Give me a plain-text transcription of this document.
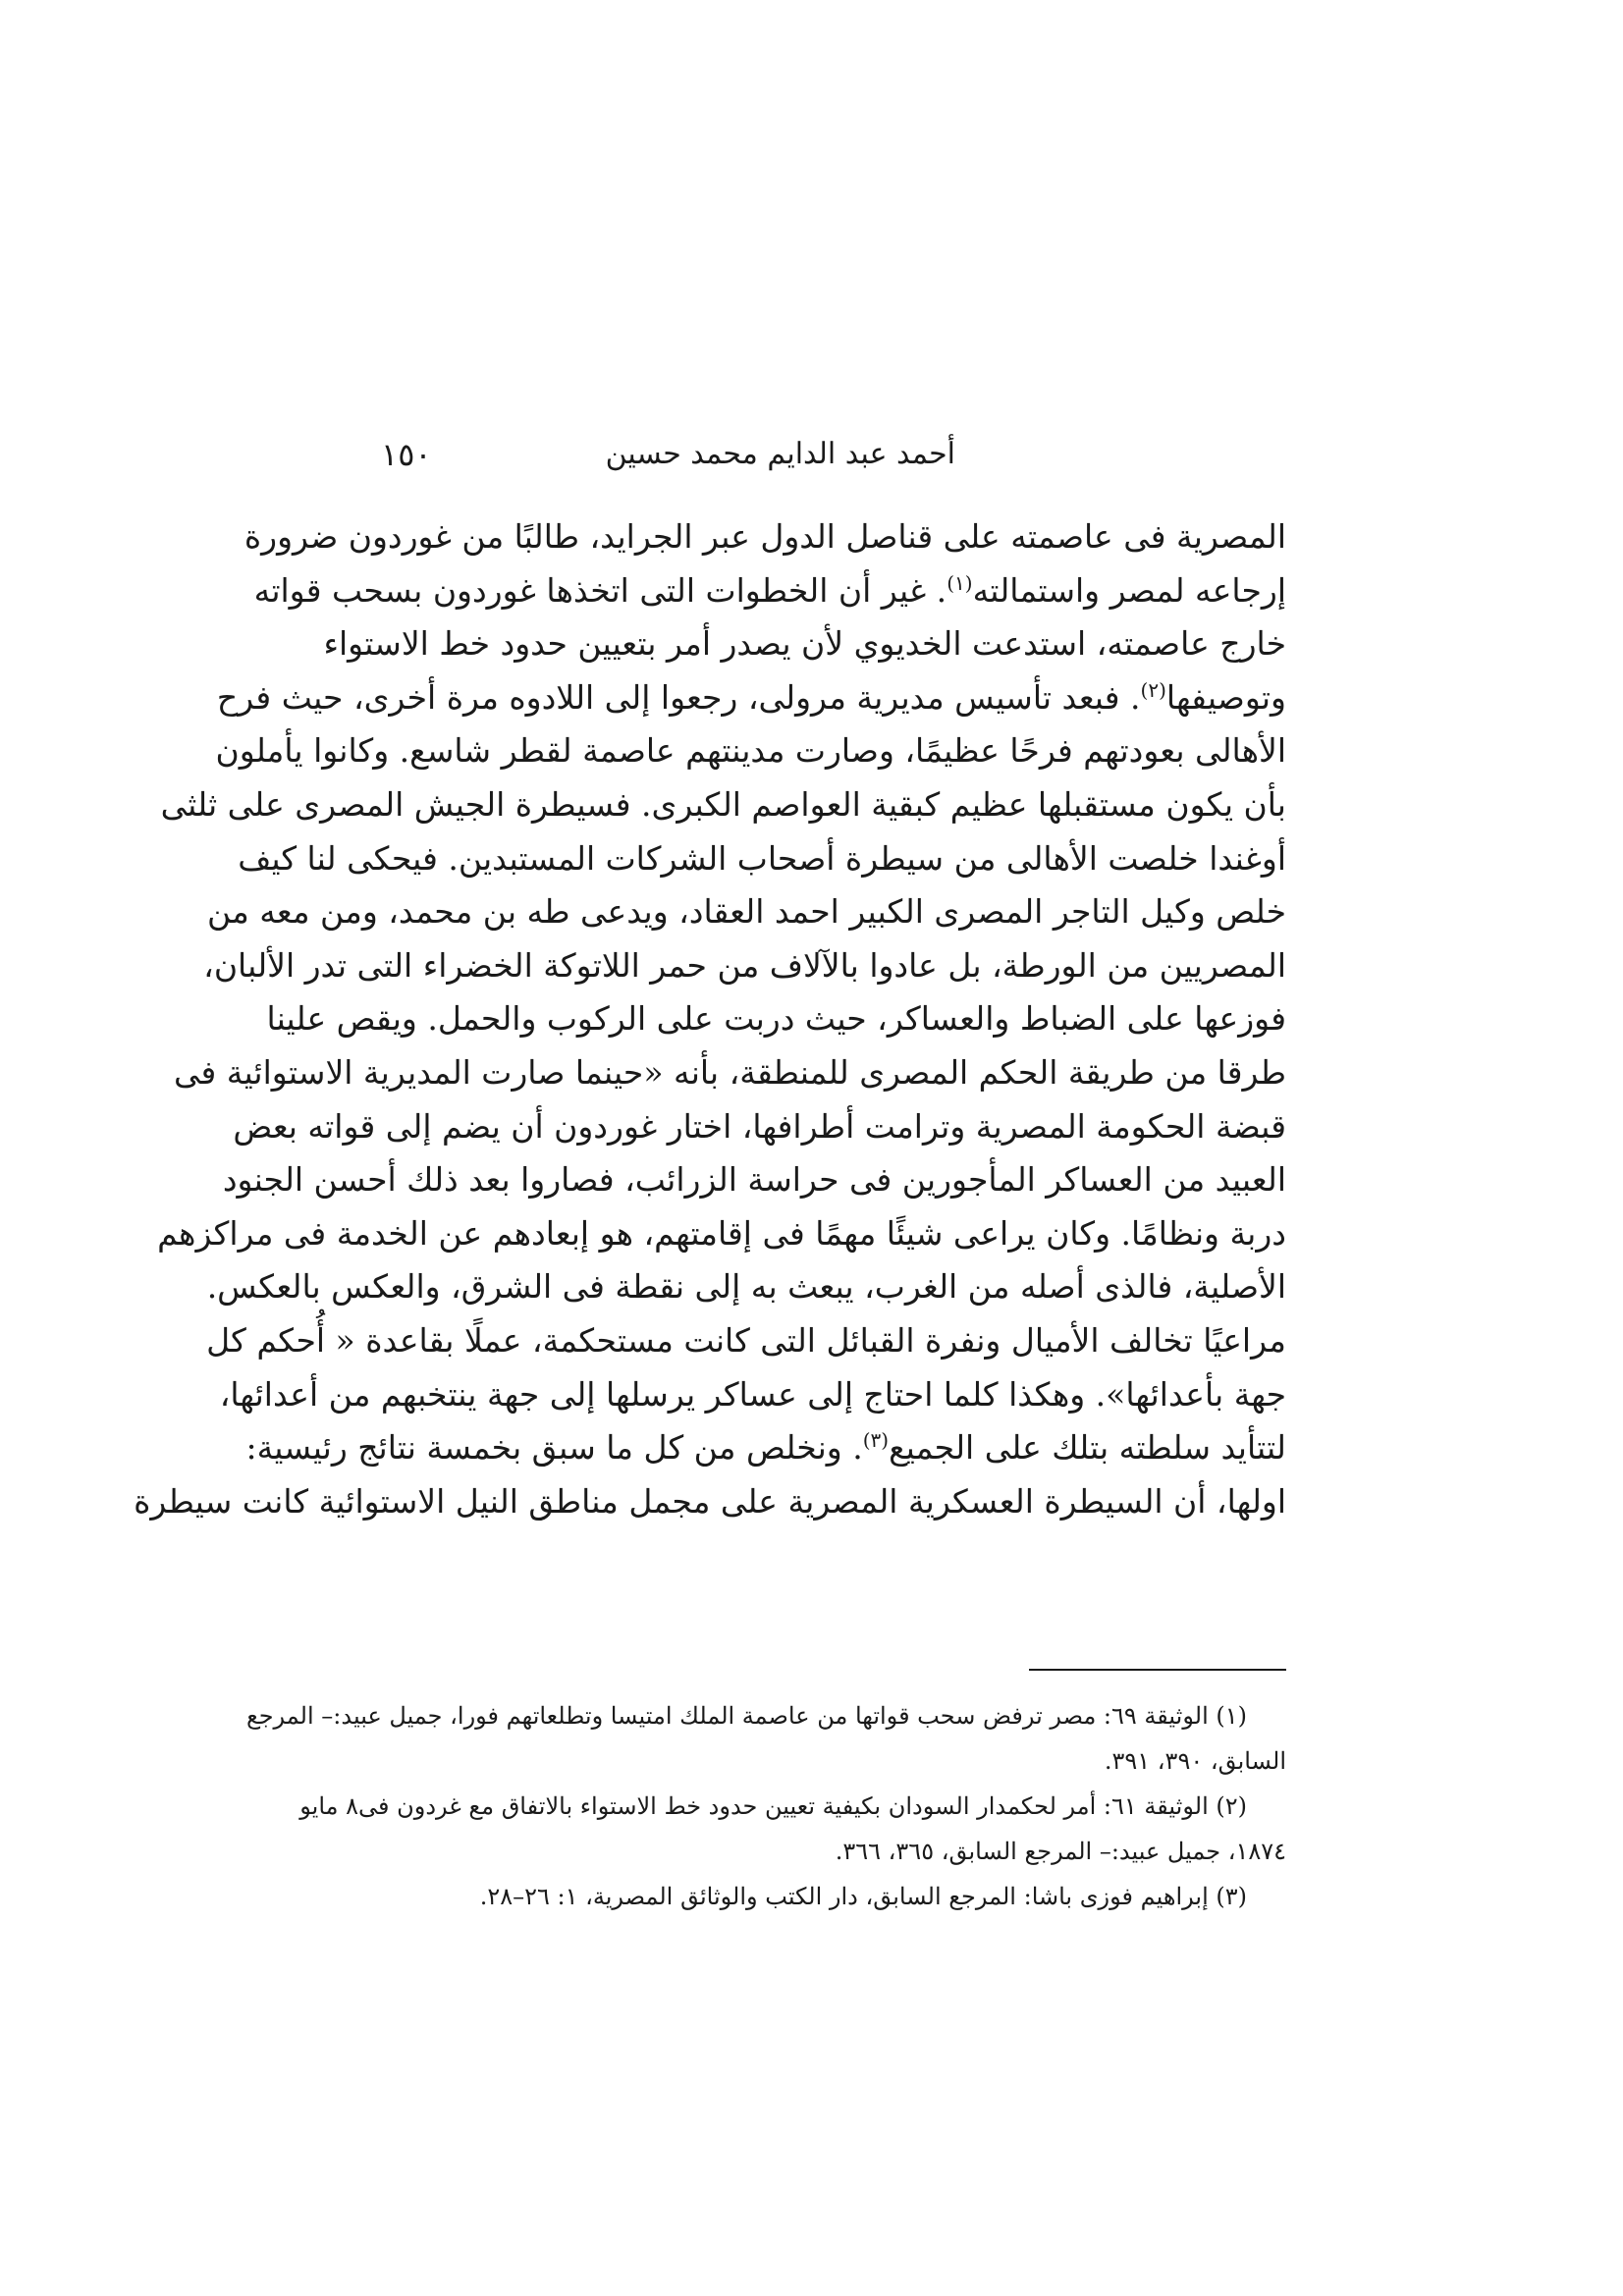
أحمد عبد الدايم محمد حسين
١٥٠
المصرية فى عاصمته على قناصل الدول عبر الجرايد، طالبًا من غوردون ضرورة
إرجاعه لمصر واستمالته$^{(١)}$. غير أن الخطوات التى اتخذها غوردون بسحب قواته
خارج عاصمته، استدعت الخديوي لأن يصدر أمر بتعيين حدود خط الاستواء
وتوصيفها$^{(٢)}$. فبعد تأسيس مديرية مرولى، رجعوا إلى اللادوه مرة أخرى، حيث فرح
الأهالى بعودتهم فرحًا عظيمًا، وصارت مدينتهم عاصمة لقطر شاسع. وكانوا يأملون
بأن يكون مستقبلها عظيم كبقية العواصم الكبرى. فسيطرة الجيش المصرى على ثلثى
أوغندا خلصت الأهالى من سيطرة أصحاب الشركات المستبدين. فيحكى لنا كيف
خلص وكيل التاجر المصرى الكبير احمد العقاد، ويدعى طه بن محمد، ومن معه من
المصريين من الورطة، بل عادوا بالآلاف من حمر اللاتوكة الخضراء التى تدر الألبان،
فوزعها على الضباط والعساكر، حيث دربت على الركوب والحمل. ويقص علينا
طرقا من طريقة الحكم المصرى للمنطقة، بأنه «حينما صارت المديرية الاستوائية فى
قبضة الحكومة المصرية وترامت أطرافها، اختار غوردون أن يضم إلى قواته بعض
العبيد من العساكر المأجورين فى حراسة الزرائب، فصاروا بعد ذلك أحسن الجنود
دربة ونظامًا. وكان يراعى شيئًا مهمًا فى إقامتهم، هو إبعادهم عن الخدمة فى مراكزهم
الأصلية، فالذى أصله من الغرب، يبعث به إلى نقطة فى الشرق، والعكس بالعكس.
مراعيًا تخالف الأميال ونفرة القبائل التى كانت مستحكمة، عملًا بقاعدة « أُحكم كل
جهة بأعدائها». وهكذا كلما احتاج إلى عساكر يرسلها إلى جهة ينتخبهم من أعدائها،
لتتأيد سلطته بتلك على الجميع$^{(٣)}$. ونخلص من كل ما سبق بخمسة نتائج رئيسية:
اولها، أن السيطرة العسكرية المصرية على مجمل مناطق النيل الاستوائية كانت سيطرة

(١) الوثيقة ٦٩: مصر ترفض سحب قواتها من عاصمة الملك امتيسا وتطلعاتهم فورا، جميل عبيد:– المرجع
السابق، ٣٩٠، ٣٩١.

(٢) الوثيقة ٦١: أمر لحكمدار السودان بكيفية تعيين حدود خط الاستواء بالاتفاق مع غردون فى٨ مايو
١٨٧٤، جميل عبيد:– المرجع السابق، ٣٦٥، ٣٦٦.

(٣) إبراهيم فوزى باشا: المرجع السابق، دار الكتب والوثائق المصرية، ١: ٢٦–٢٨.
